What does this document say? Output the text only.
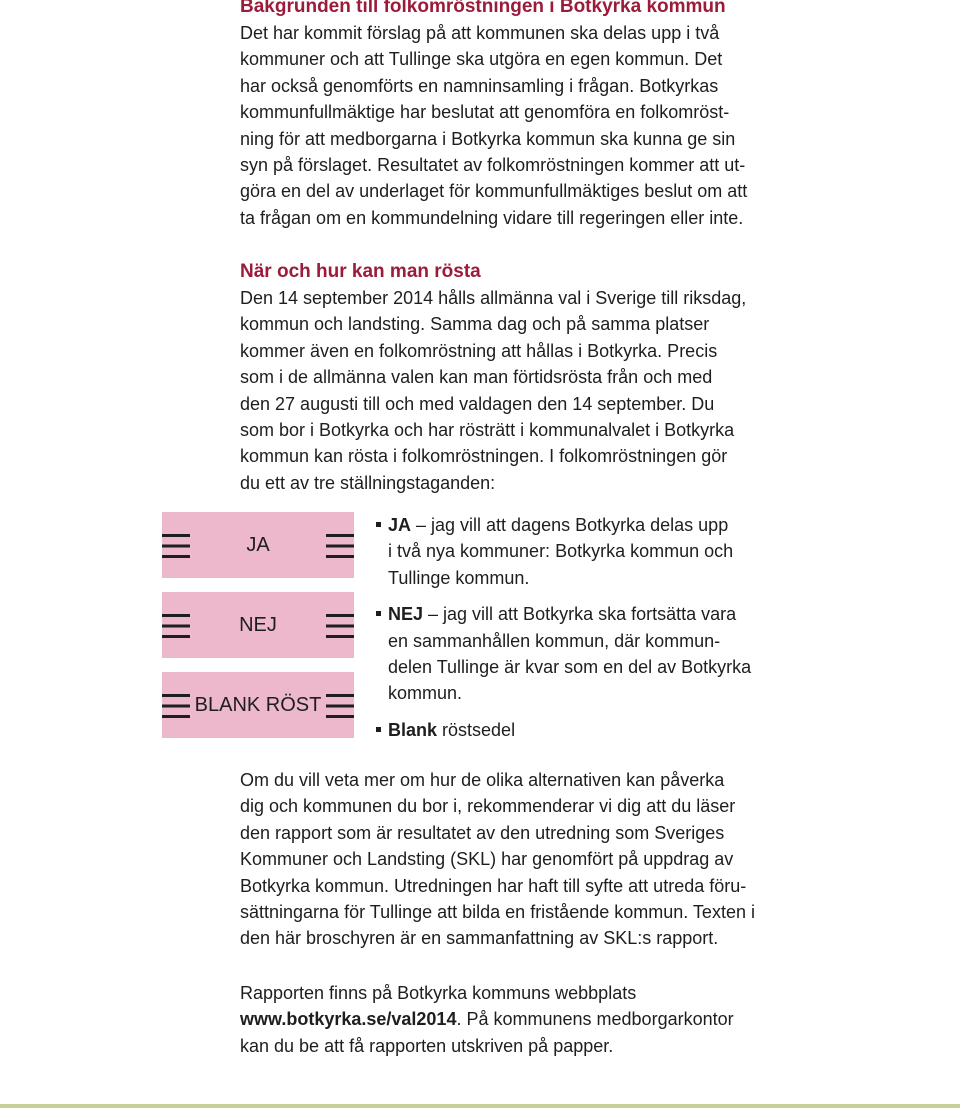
Bakgrunden till folkomröstningen i Botkyrka kommun
Det har kommit förslag på att kommunen ska delas upp i två
kommuner och att Tullinge ska utgöra en egen kommun. Det
har också genomförts en namninsamling i frågan. Botkyrkas
kommunfullmäktige har beslutat att genomföra en folkomröst-
ning för att medborgarna i Botkyrka kommun ska kunna ge sin
syn på förslaget. Resultatet av folkomröstningen kommer att ut-
göra en del av underlaget för kommunfullmäktiges beslut om att
ta frågan om en kommundelning vidare till regeringen eller inte.
När och hur kan man rösta
Den 14 september 2014 hålls allmänna val i Sverige till riksdag,
kommun och landsting. Samma dag och på samma platser
kommer även en folkomröstning att hållas i Botkyrka. Precis
som i de allmänna valen kan man förtidsrösta från och med
den 27 augusti till och med valdagen den 14 september. Du
som bor i Botkyrka och har rösträtt i kommunalvalet i Botkyrka
kommun kan rösta i folkomröstningen. I folkomröstningen gör
du ett av tre ställningstaganden:
JA
NEJ
BLANK RÖST
JA – jag vill att dagens Botkyrka delas upp
i två nya kommuner: Botkyrka kommun och
Tullinge kommun.
NEJ – jag vill att Botkyrka ska fortsätta vara
en sammanhållen kommun, där kommun-
delen Tullinge är kvar som en del av Botkyrka
kommun.
Blank röstsedel
Om du vill veta mer om hur de olika alternativen kan påverka
dig och kommunen du bor i, rekommenderar vi dig att du läser
den rapport som är resultatet av den utredning som Sveriges
Kommuner och Landsting (SKL) har genomfört på uppdrag av
Botkyrka kommun. Utredningen har haft till syfte att utreda föru-
sättningarna för Tullinge att bilda en fristående kommun. Texten i
den här broschyren är en sammanfattning av SKL:s rapport.
Rapporten finns på Botkyrka kommuns webbplats
www.botkyrka.se/val2014. På kommunens medborgarkontor
kan du be att få rapporten utskriven på papper.
